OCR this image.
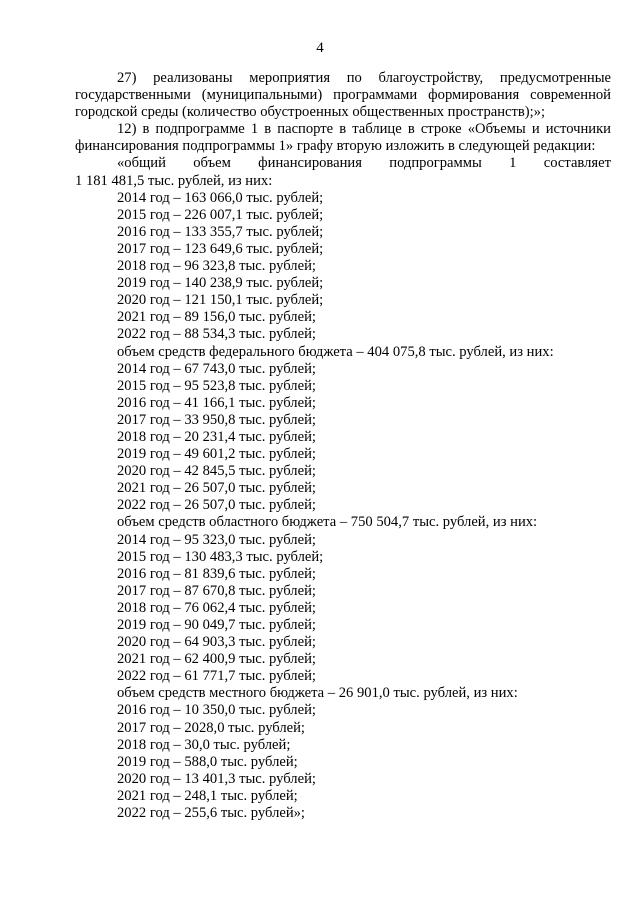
4

27) реализованы мероприятия по благоустройству, предусмотренные государственными (муниципальными) программами формирования современной городской среды (количество обустроенных общественных пространств);»;

12) в подпрограмме 1 в паспорте в таблице в строке «Объемы и источники финансирования подпрограммы 1» графу вторую изложить в следующей редакции:

«общий объем финансирования подпрограммы 1 составляет

1 181 481,5 тыс. рублей, из них:

2014 год – 163 066,0 тыс. рублей;

2015 год – 226 007,1 тыс. рублей;

2016 год – 133 355,7 тыс. рублей;

2017 год – 123 649,6 тыс. рублей;

2018 год – 96 323,8 тыс. рублей;

2019 год – 140 238,9 тыс. рублей;

2020 год – 121 150,1 тыс. рублей;

2021 год – 89 156,0 тыс. рублей;

2022 год – 88 534,3 тыс. рублей;

объем средств федерального бюджета – 404 075,8 тыс. рублей, из них:

2014 год – 67 743,0 тыс. рублей;

2015 год – 95 523,8 тыс. рублей;

2016 год – 41 166,1 тыс. рублей;

2017 год – 33 950,8 тыс. рублей;

2018 год – 20 231,4 тыс. рублей;

2019 год – 49 601,2 тыс. рублей;

2020 год – 42 845,5 тыс. рублей;

2021 год – 26 507,0 тыс. рублей;

2022 год – 26 507,0 тыс. рублей;

объем средств областного бюджета – 750 504,7 тыс. рублей, из них:

2014 год – 95 323,0 тыс. рублей;

2015 год – 130 483,3 тыс. рублей;

2016 год – 81 839,6 тыс. рублей;

2017 год – 87 670,8 тыс. рублей;

2018 год – 76 062,4 тыс. рублей;

2019 год – 90 049,7 тыс. рублей;

2020 год – 64 903,3 тыс. рублей;

2021 год – 62 400,9 тыс. рублей;

2022 год – 61 771,7 тыс. рублей;

объем средств местного бюджета – 26 901,0 тыс. рублей, из них:

2016 год – 10 350,0 тыс. рублей;

2017 год – 2028,0 тыс. рублей;

2018 год – 30,0 тыс. рублей;

2019 год – 588,0 тыс. рублей;

2020 год – 13 401,3 тыс. рублей;

2021 год – 248,1 тыс. рублей;

2022 год – 255,6 тыс. рублей»;
